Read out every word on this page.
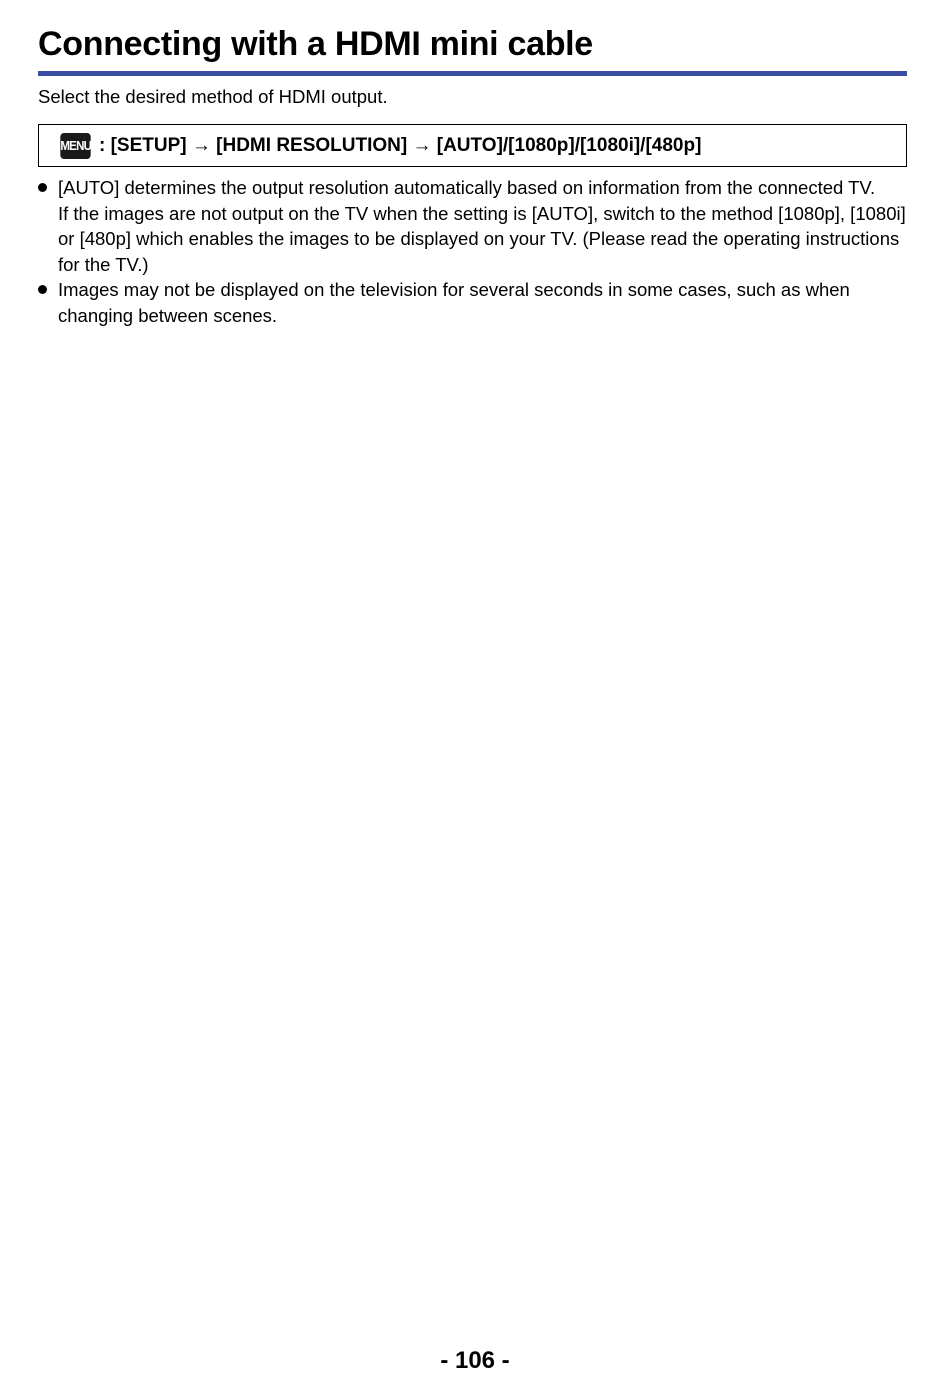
Connecting with a HDMI mini cable
Select the desired method of HDMI output.
MENU : [SETUP] → [HDMI RESOLUTION] → [AUTO]/[1080p]/[1080i]/[480p]

[AUTO] determines the output resolution automatically based on information from the connected TV.

If the images are not output on the TV when the setting is [AUTO], switch to the method [1080p], [1080i] or [480p] which enables the images to be displayed on your TV. (Please read the operating instructions for the TV.)

Images may not be displayed on the television for several seconds in some cases, such as when changing between scenes.

- 106 -
